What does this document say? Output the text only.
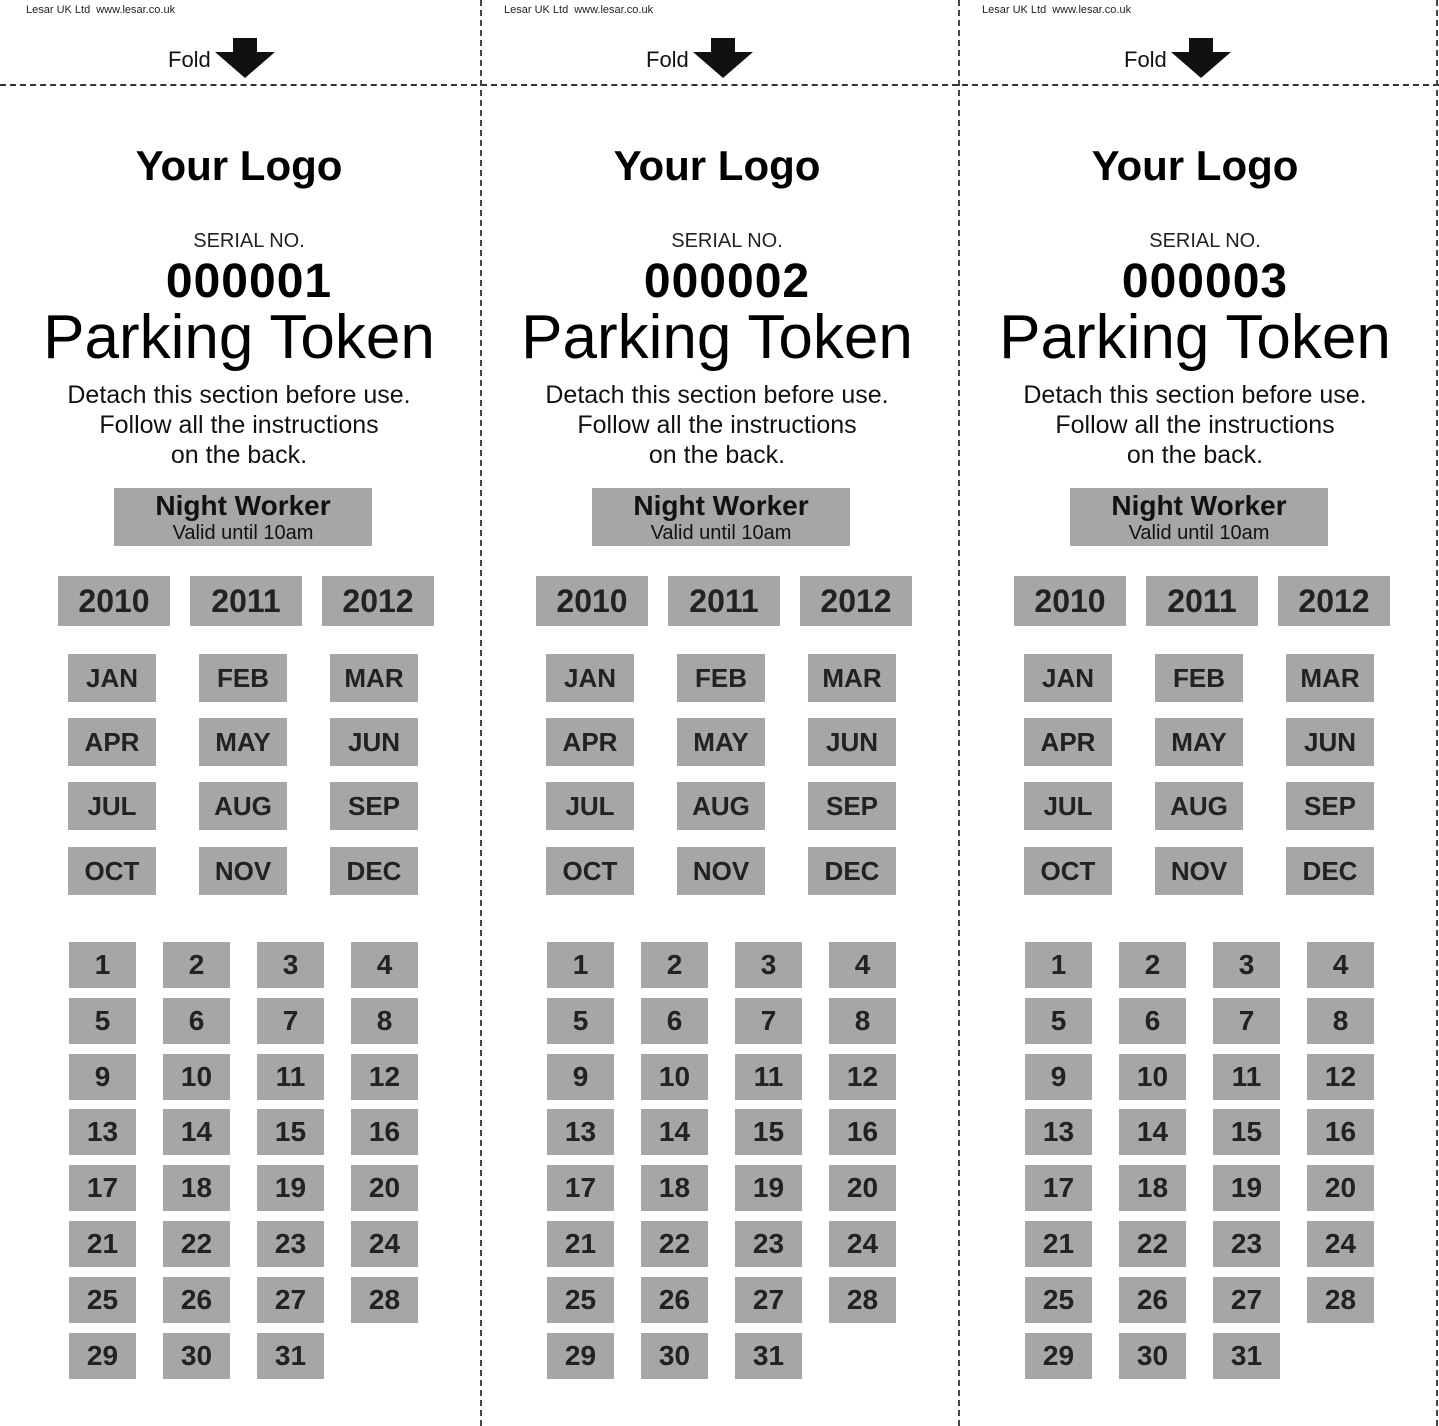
Lesar UK Ltd www.lesar.co.uk
Fold
Your Logo
SERIAL NO.
000001
Parking Token
Detach this section before use.
Follow all the instructions
on the back.
Night Worker
Valid until 10am
2010	2011	2012
JAN	FEB	MAR
APR	MAY	JUN
JUL	AUG	SEP
OCT	NOV	DEC
1	2	3	4
5	6	7	8
9	10	11	12
13	14	15	16
17	18	19	20
21	22	23	24
25	26	27	28
29	30	31
Lesar UK Ltd www.lesar.co.uk
Fold
Your Logo
SERIAL NO.
000002
Parking Token
Detach this section before use.
Follow all the instructions
on the back.
Night Worker
Valid until 10am
2010	2011	2012
JAN	FEB	MAR
APR	MAY	JUN
JUL	AUG	SEP
OCT	NOV	DEC
1	2	3	4
5	6	7	8
9	10	11	12
13	14	15	16
17	18	19	20
21	22	23	24
25	26	27	28
29	30	31
Lesar UK Ltd www.lesar.co.uk
Fold
Your Logo
SERIAL NO.
000003
Parking Token
Detach this section before use.
Follow all the instructions
on the back.
Night Worker
Valid until 10am
2010	2011	2012
JAN	FEB	MAR
APR	MAY	JUN
JUL	AUG	SEP
OCT	NOV	DEC
1	2	3	4
5	6	7	8
9	10	11	12
13	14	15	16
17	18	19	20
21	22	23	24
25	26	27	28
29	30	31
